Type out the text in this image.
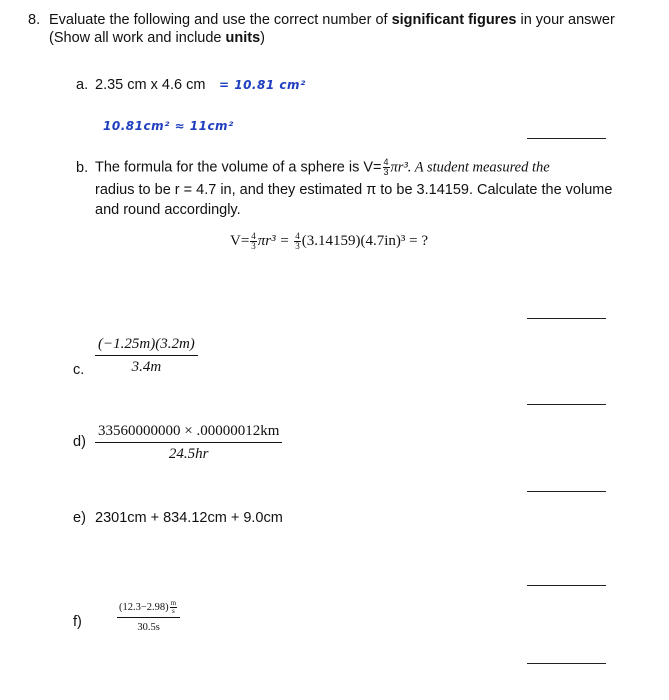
8. Evaluate the following and use the correct number of significant figures in your answer
(Show all work and include units)
a. 2.35 cm x 4.6 cm = 10.81 cm²
10.81cm² ≈ 11cm²
b. The formula for the volume of a sphere is $V= \frac{4}{3} \pi r^3$. A student measured the
radius to be r = 4.7 in, and they estimated π to be 3.14159. Calculate the volume
and round accordingly.
$V= \frac{4}{3} \pi r^3 = \frac{4}{3} (3.14159)(4.7in)^3$ = ?
c. $\frac{(-1.25m)(3.2m)}{3.4m}$
$d) \frac{33560000000 \times .00000012km}{24.5hr}$
e) 2301cm + 834.12cm + 9.0cm
f)	$\frac{(12.3-2.98) \frac{m}{s}}{30.5s}$
